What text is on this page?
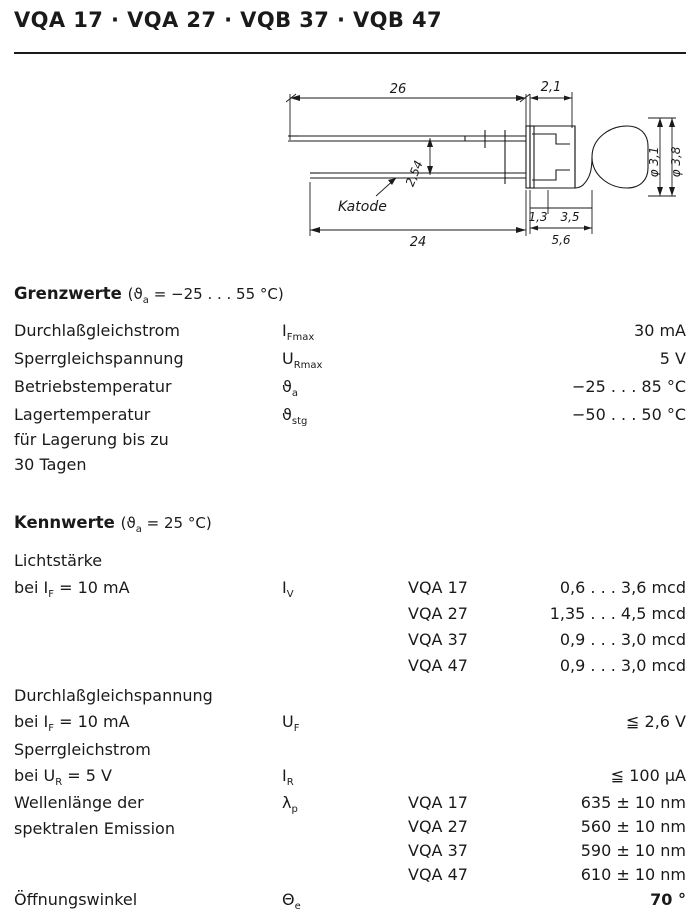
VQA 17 · VQA 27 · VQB 37 · VQB 47
26	2,1
2,54
24
1,3 3,5
5,6
φ 3,1 φ 3,8
Katode
Grenzwerte ($ϑ_a = -25$ . . . 55 °C)
Durchlaßgleichstrom	$I_{Fmax}$	30 mA
Sperrgleichspannung	$U_{Rmax}$	5 V
Betriebstemperatur	$ϑ_a$	−25 . . . 85 °C
Lagertemperatur	$ϑ_{stg}$	−50 . . . 50 °C
für Lagerung bis zu
30 Tagen
Kennwerte ($ϑ_a = 25$ °C)
Lichtstärke
bei $I_F = 10$ mA	$I_V$	VQA 17	0,6 . . . 3,6 mcd
VQA 27	1,35 . . . 4,5 mcd
VQA 37	0,9 . . . 3,0 mcd
VQA 47	0,9 . . . 3,0 mcd
Durchlaßgleichspannung
bei $I_F = 10$ mA	$U_F$	≦ 2,6 V
Sperrgleichstrom
bei $U_R = 5$ V	$I_R$	≦ 100 μA
Wellenlänge der
spektralen Emission
$\lambda_p$	VQA 17	635 ± 10 nm
VQA 27	560 ± 10 nm
VQA 37	590 ± 10 nm
VQA 47	610 ± 10 nm
Öffnungswinkel	$\Theta_e$	70 °
